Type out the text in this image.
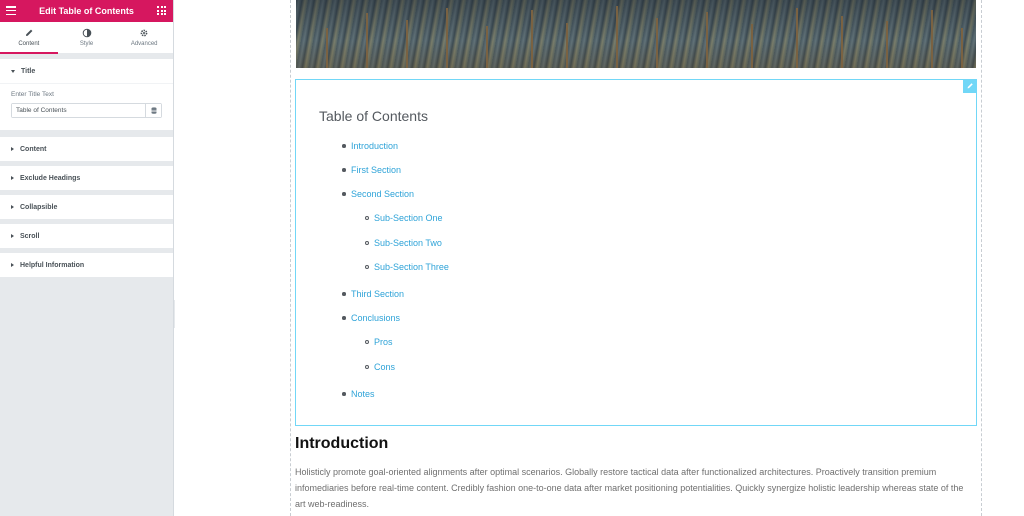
Edit Table of Contents
Content	Style	Advanced
Title
Enter Title Text
Table of Contents
Content
Exclude Headings
Collapsible
Scroll
Helpful Information
Table of Contents
Introduction
First Section
Second Section
Sub-Section One
Sub-Section Two
Sub-Section Three
Third Section
Conclusions
Pros
Cons
Notes
Introduction
Holisticly promote goal-oriented alignments after optimal scenarios. Globally restore tactical data after functionalized architectures. Proactively transition premium infomediaries before real-time content. Credibly fashion one-to-one data after market positioning potentialities. Quickly synergize holistic leadership whereas state of the art web-readiness.
